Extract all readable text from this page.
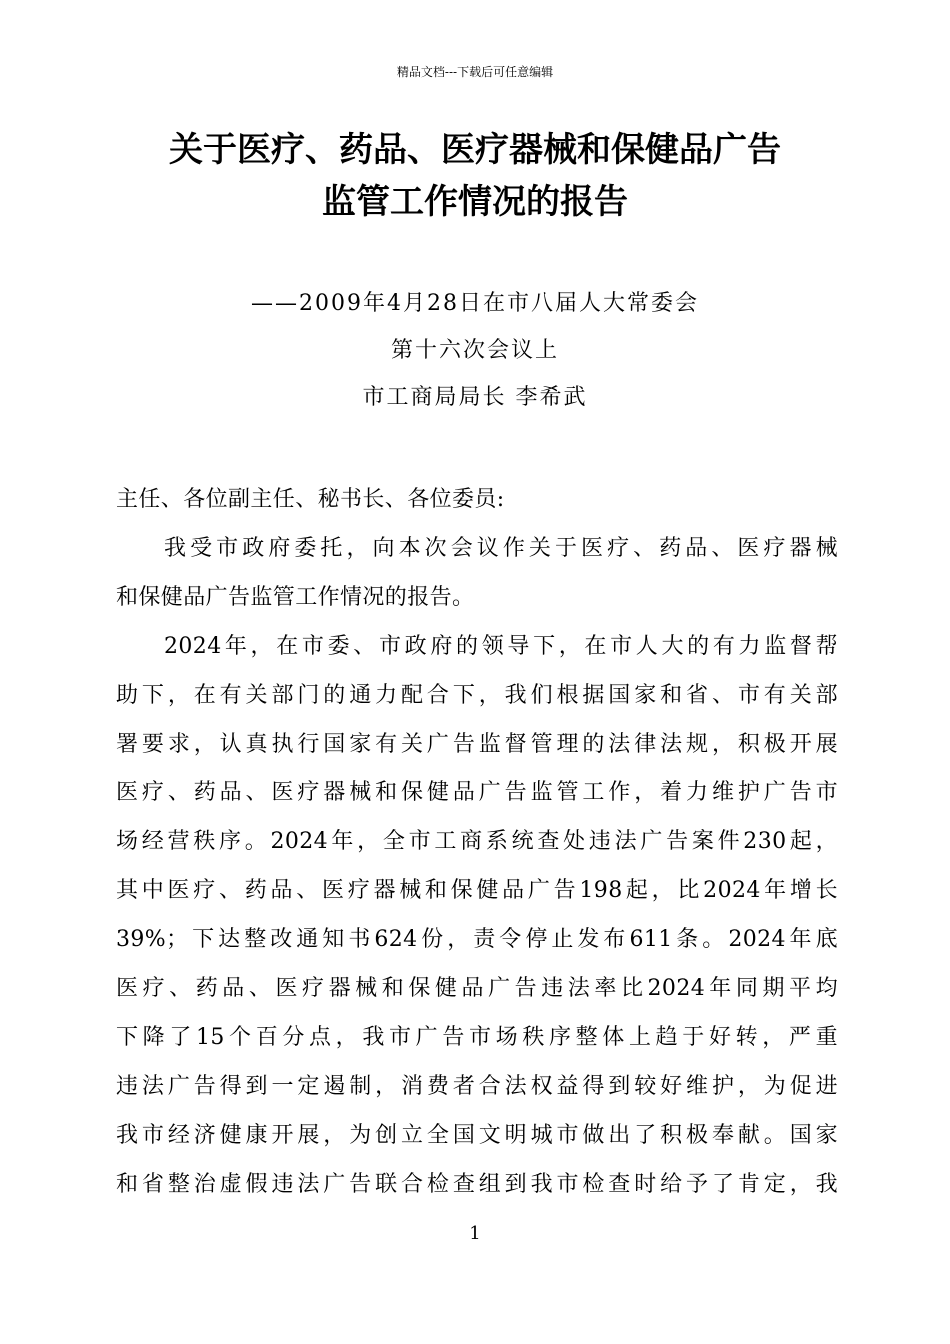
精品文档---下载后可任意编辑
关于医疗、药品、医疗器械和保健品广告
监管工作情况的报告
——2009年4月28日在市八届人大常委会
第十六次会议上
市工商局局长 李希武
主任、各位副主任、秘书长、各位委员:
我受市政府委托，向本次会议作关于医疗、药品、医疗器械
和保健品广告监管工作情况的报告。
2024年，在市委、市政府的领导下，在市人大的有力监督帮
助下，在有关部门的通力配合下，我们根据国家和省、市有关部
署要求，认真执行国家有关广告监督管理的法律法规，积极开展
医疗、药品、医疗器械和保健品广告监管工作，着力维护广告市
场经营秩序。2024年，全市工商系统查处违法广告案件230起，
其中医疗、药品、医疗器械和保健品广告198起，比2024年增长
39%；下达整改通知书624份，责令停止发布611条。2024年底
医疗、药品、医疗器械和保健品广告违法率比2024年同期平均
下降了15个百分点，我市广告市场秩序整体上趋于好转，严重
违法广告得到一定遏制，消费者合法权益得到较好维护，为促进
我市经济健康开展，为创立全国文明城市做出了积极奉献。国家
和省整治虚假违法广告联合检查组到我市检查时给予了肯定，我
1
